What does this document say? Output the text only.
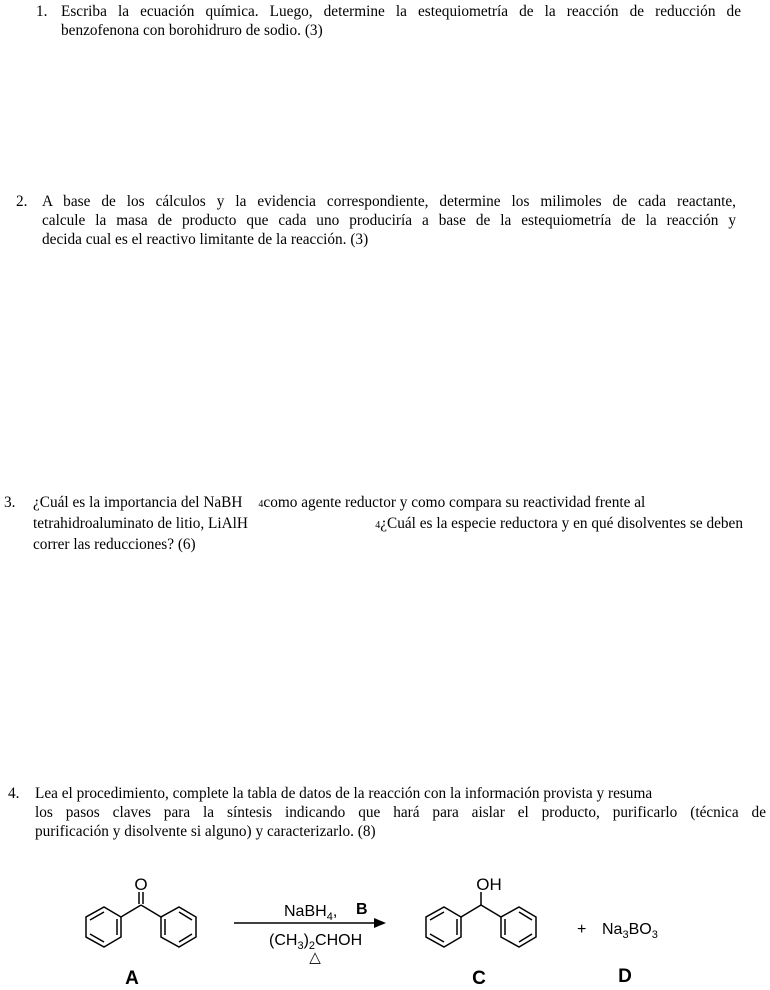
1. Escriba la ecuación química. Luego, determine la estequiometría de la reacción de reducción de
benzofenona con borohidruro de sodio. (3)
2. A base de los cálculos y la evidencia correspondiente, determine los milimoles de cada reactante,
calcule la masa de producto que cada uno produciría a base de la estequiometría de la reacción y
decida cual es el reactivo limitante de la reacción. (3)
3. ¿Cuál es la importancia del NaBH 4como agente reductor y como compara su reactividad frente al
tetrahidroaluminato de litio, LiAlH	4¿Cuál es la especie reductora y en qué disolventes se deben
correr las reducciones? (6)
4. Lea el procedimiento, complete la tabla de datos de la reacción con la información provista y resuma
los pasos claves para la síntesis indicando que hará para aislar el producto, purificarlo (técnica de
purificación y disolvente si alguno) y caracterizarlo. (8)
O
A
NaBH$_4$, B
$(CH_3)_2CHOH$
△
OH
C
+ $Na_3BO_3$
D
